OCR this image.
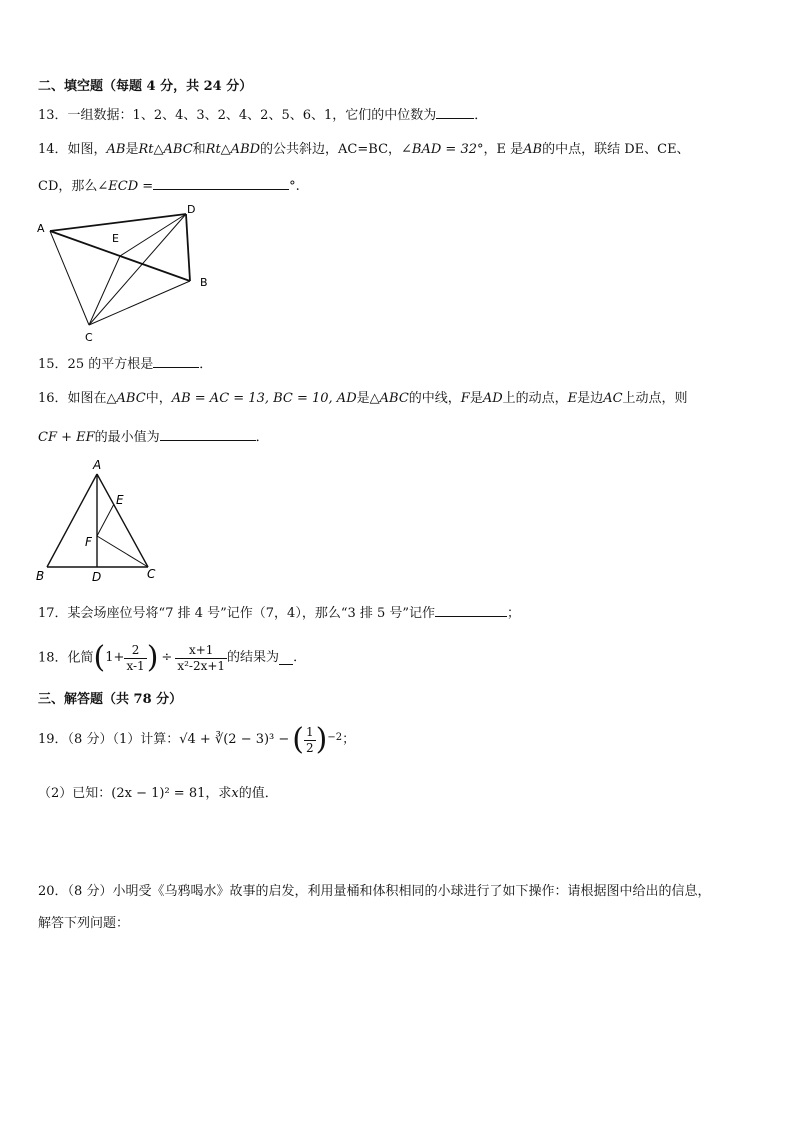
二、填空题（每题 4 分，共 24 分）
13．一组数据：1、2、4、3、2、4、2、5、6、1，它们的中位数为	．
14．如图，AB是Rt△ABC和Rt△ABD的公共斜边，AC=BC，∠BAD = 32°，E 是AB的中点，联结 DE、CE、
CD，那么∠ECD =	°.
A
D
E
B
C
15．25 的平方根是	．
16．如图在△ABC中，AB = AC = 13, BC = 10, AD是△ABC的中线，F是AD上的动点，E是边AC上动点，则
CF + EF的最小值为	．
A
E
F
B	D	C
17．某会场座位号将“7 排 4 号”记作（7，4），那么“3 排 5 号”记作	；
18．化简($1+ \frac{2}{x-1}$ ) ÷ $\frac{x+1}{\text{x²-2x+1}}$ 的结果为 ．
三、解答题（共 78 分）
19．（8 分）（1）计算：√4 + ∛(2 − 3)³ − ( $\frac{1}{2} )^{-2}$；
（2）已知：(2x − 1)² = 81，求x的值．
20．（8 分）小明受《乌鸦喝水》故事的启发，利用量桶和体积相同的小球进行了如下操作：请根据图中给出的信息，
解答下列问题：
